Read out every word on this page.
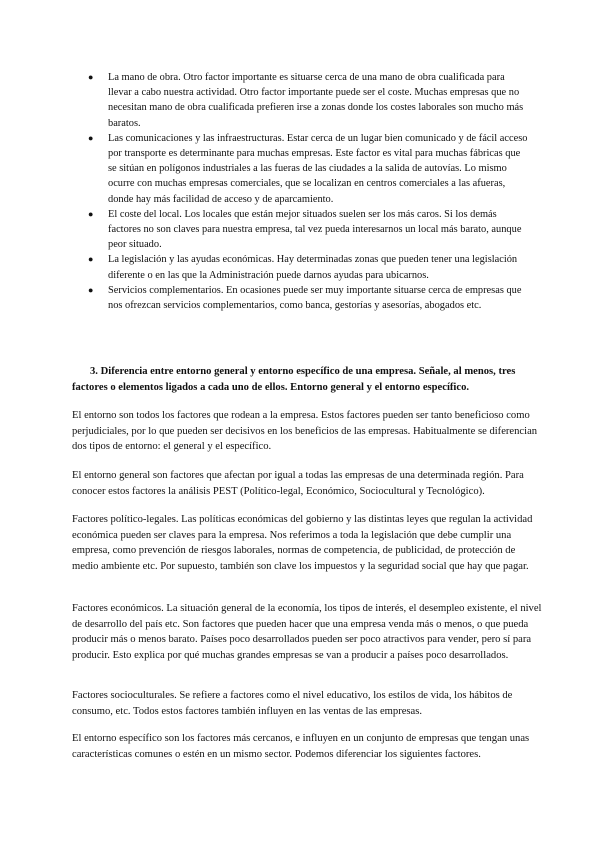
● La mano de obra. Otro factor importante es situarse cerca de una mano de obra cualificada para llevar a cabo nuestra actividad. Otro factor importante puede ser el coste. Muchas empresas que no necesitan mano de obra cualificada prefieren irse a zonas donde los costes laborales son mucho más baratos.
● Las comunicaciones y las infraestructuras. Estar cerca de un lugar bien comunicado y de fácil acceso por transporte es determinante para muchas empresas. Este factor es vital para muchas fábricas que se sitúan en polígonos industriales a las fueras de las ciudades a la salida de autovías. Lo mismo ocurre con muchas empresas comerciales, que se localizan en centros comerciales a las afueras, donde hay más facilidad de acceso y de aparcamiento.
● El coste del local. Los locales que están mejor situados suelen ser los más caros. Si los demás factores no son claves para nuestra empresa, tal vez pueda interesarnos un local más barato, aunque peor situado.
● La legislación y las ayudas económicas. Hay determinadas zonas que pueden tener una legislación diferente o en las que la Administración puede darnos ayudas para ubicarnos.
● Servicios complementarios. En ocasiones puede ser muy importante situarse cerca de empresas que nos ofrezcan servicios complementarios, como banca, gestorías y asesorías, abogados etc.

3. Diferencia entre entorno general y entorno específico de una empresa. Señale, al menos, tres factores o elementos ligados a cada uno de ellos. Entorno general y el entorno específico.

El entorno son todos los factores que rodean a la empresa. Estos factores pueden ser tanto beneficioso como perjudiciales, por lo que pueden ser decisivos en los beneficios de las empresas. Habitualmente se diferencian dos tipos de entorno: el general y el específico.

El entorno general son factores que afectan por igual a todas las empresas de una determinada región. Para conocer estos factores la análisis PEST (Político-legal, Económico, Sociocultural y Tecnológico).

Factores político-legales. Las políticas económicas del gobierno y las distintas leyes que regulan la actividad económica pueden ser claves para la empresa. Nos referimos a toda la legislación que debe cumplir una empresa, como prevención de riesgos laborales, normas de competencia, de publicidad, de protección de medio ambiente etc. Por supuesto, también son clave los impuestos y la seguridad social que hay que pagar.

Factores económicos. La situación general de la economía, los tipos de interés, el desempleo existente, el nivel de desarrollo del país etc. Son factores que pueden hacer que una empresa venda más o menos, o que pueda producir más o menos barato. Países poco desarrollados pueden ser poco atractivos para vender, pero sí para producir. Esto explica por qué muchas grandes empresas se van a producir a países poco desarrollados.

Factores socioculturales. Se refiere a factores como el nivel educativo, los estilos de vida, los hábitos de consumo, etc. Todos estos factores también influyen en las ventas de las empresas.

El entorno específico son los factores más cercanos, e influyen en un conjunto de empresas que tengan unas características comunes o estén en un mismo sector. Podemos diferenciar los siguientes factores.
